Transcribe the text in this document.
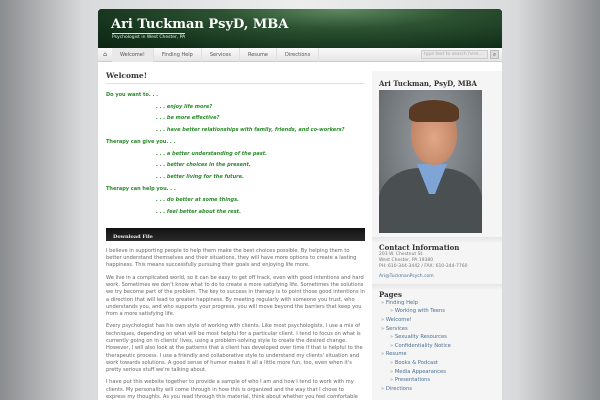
Ari Tuckman PsyD, MBA
Psychologist in West Chester, PA
⌂	Welcome!	Finding Help	Services	Resume	Directions	type text to search here...	⌕
Welcome!
Do you want to. . .
. . . enjoy life more?
. . . be more effective?
. . . have better relationships with family, friends, and co-workers?
Therapy can give you. . .
. . . a better understanding of the past.
. . . better choices in the present.
. . . better living for the future.
Therapy can help you. . .
. . . do better at some things.
. . . feel better about the rest.
Download File

I believe in supporting people to help them make the best choices possible. By helping them to better understand themselves and their situations, they will have more options to create a lasting happiness. This means successfully pursuing their goals and enjoying life more.

We live in a complicated world, so it can be easy to get off track, even with good intentions and hard work. Sometimes we don't know what to do to create a more satisfying life. Sometimes the solutions we try become part of the problem. The key to success in therapy is to point those good intentions in a direction that will lead to greater happiness. By meeting regularly with someone you trust, who understands you, and who supports your progress, you will move beyond the barriers that keep you from a more satisfying life.

Every psychologist has his own style of working with clients. Like most psychologists, I use a mix of techniques, depending on what will be most helpful for a particular client. I tend to focus on what is currently going on in clients' lives, using a problem-solving style to create the desired change. However, I will also look at the patterns that a client has developed over time if that is helpful to the therapeutic process. I use a friendly and collaborative style to understand my clients' situation and work towards solutions. A good sense of humor makes it all a little more fun, too, even when it's pretty serious stuff we're talking about.

I have put this website together to provide a sample of who I am and how I tend to work with my clients. My personality will come through in how this is organized and the way that I chose to express my thoughts. As you read through this material, think about whether you feel comfortable

Ari Tuckman, PsyD, MBA
Contact Information
203 W. Chestnut St.
West Chester, PA 19380
PH: 610-344-3442 / FAX: 610-344-7760
Ari@TuckmanPsych.com
Pages
» Finding Help
» Working with Teens
» Welcome!
» Services
» Sexuality Resources
» Confidentiality Notice
» Resume
» Books & Podcast
» Media Appearances
» Presentations
» Directions
